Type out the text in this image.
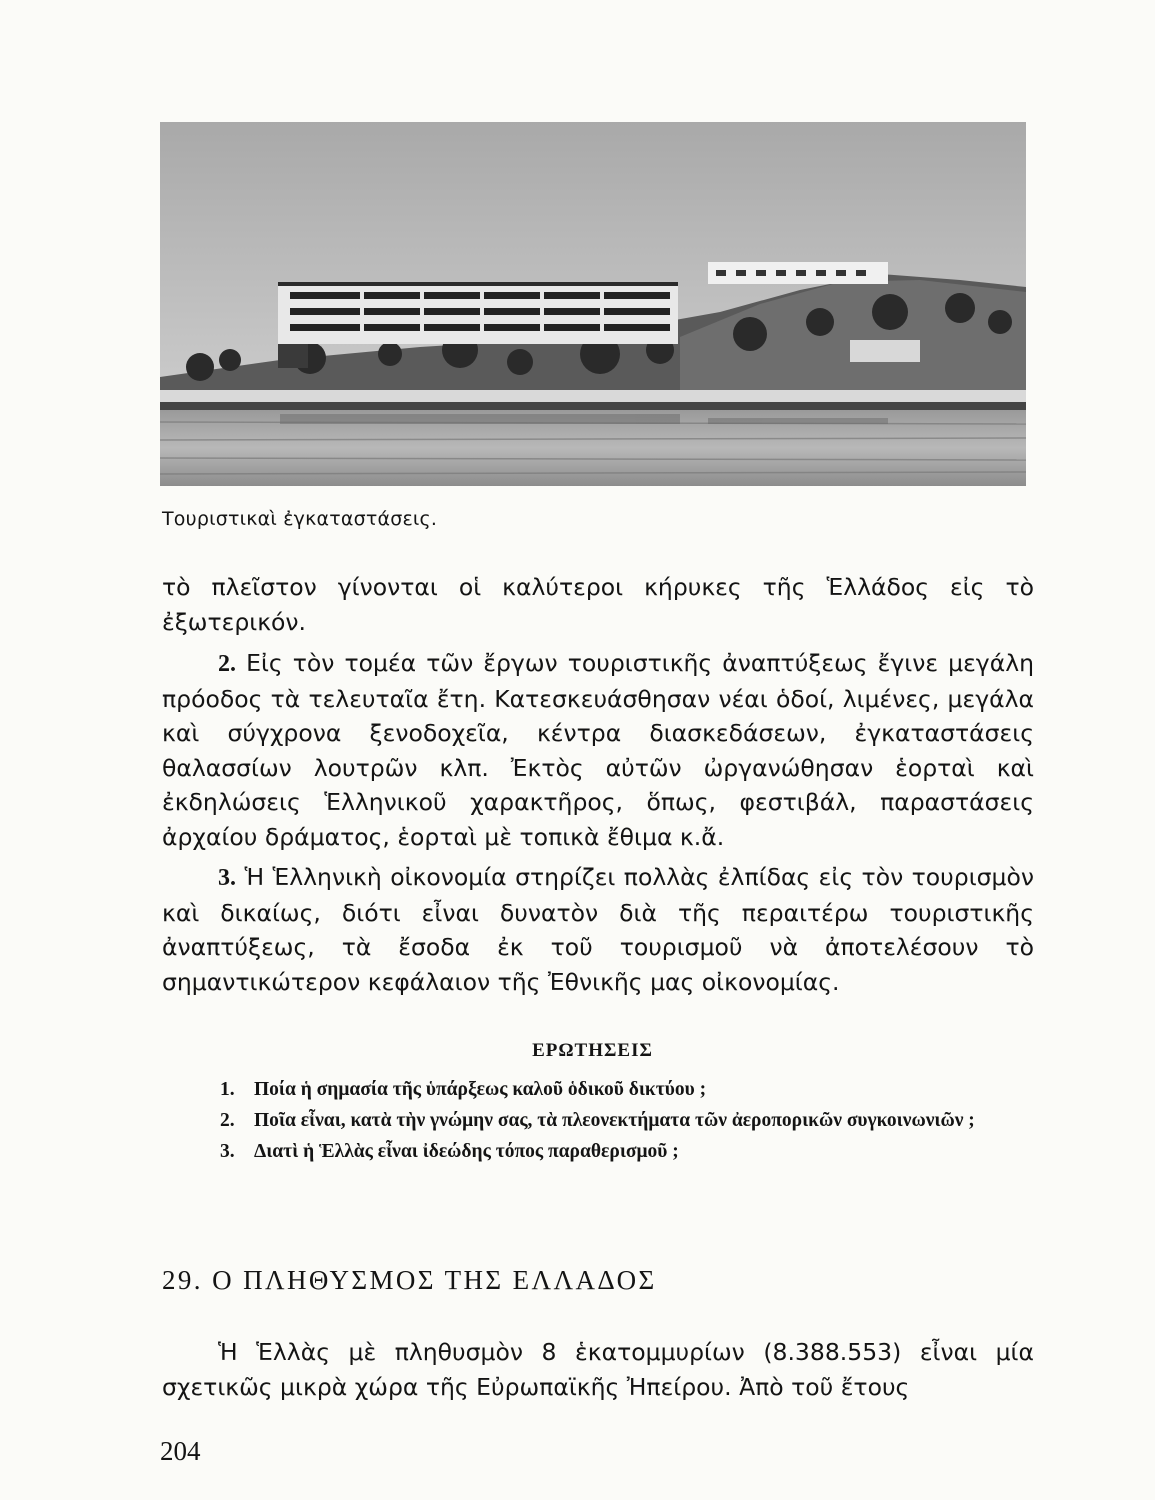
Τουριστικαὶ ἐγκαταστάσεις.

τὸ πλεῖστον γίνονται οἱ καλύτεροι κήρυκες τῆς Ἑλλάδος εἰς τὸ ἐξωτερικόν.

2. Εἰς τὸν τομέα τῶν ἔργων τουριστικῆς ἀναπτύξεως ἔγινε μεγάλη πρόοδος τὰ τελευταῖα ἔτη. Κατεσκευάσθησαν νέαι ὁδοί, λιμένες, μεγάλα καὶ σύγχρονα ξενοδοχεῖα, κέντρα διασκεδάσεων, ἐγκαταστάσεις θαλασσίων λουτρῶν κλπ. Ἐκτὸς αὐτῶν ὠργανώθησαν ἑορταὶ καὶ ἐκδηλώσεις Ἑλληνικοῦ χαρακτῆρος, ὅπως, φεστιβάλ, παραστάσεις ἀρχαίου δράματος, ἑορταὶ μὲ τοπικὰ ἔθιμα κ.ἄ.

3. Ἡ Ἑλληνικὴ οἰκονομία στηρίζει πολλὰς ἐλπίδας εἰς τὸν τουρισμὸν καὶ δικαίως, διότι εἶναι δυνατὸν διὰ τῆς περαιτέρω τουριστικῆς ἀναπτύξεως, τὰ ἔσοδα ἐκ τοῦ τουρισμοῦ νὰ ἀποτελέσουν τὸ σημαντικώτερον κεφάλαιον τῆς Ἐθνικῆς μας οἰκονομίας.

ΕΡΩΤΗΣΕΙΣ
1. Ποία ἡ σημασία τῆς ὑπάρξεως καλοῦ ὁδικοῦ δικτύου ;
2. Ποῖα εἶναι, κατὰ τὴν γνώμην σας, τὰ πλεονεκτήματα τῶν ἀεροπορικῶν συγκοινωνιῶν ;
3. Διατὶ ἡ Ἑλλὰς εἶναι ἰδεώδης τόπος παραθερισμοῦ ;
29. Ο ΠΛΗΘΥΣΜΟΣ ΤΗΣ ΕΛΛΑΔΟΣ

Ἡ Ἑλλὰς μὲ πληθυσμὸν 8 ἑκατομμυρίων (8.388.553) εἶναι μία σχετικῶς μικρὰ χώρα τῆς Εὐρωπαϊκῆς Ἠπείρου. Ἀπὸ τοῦ ἔτους

204
